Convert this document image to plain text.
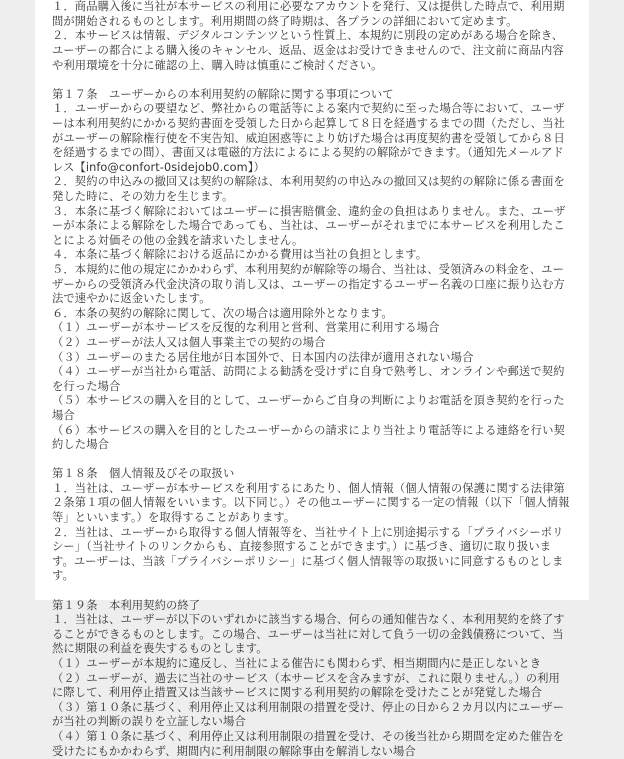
１．商品購入後に当社が本サービスの利用に必要なアカウントを発行、又は提供した時点で、利用期間が開始されるものとします。利用期間の終了時期は、各プランの詳細において定めます。

２．本サービスは情報、デジタルコンテンツという性質上、本規約に別段の定めがある場合を除き、ユーザーの都合による購入後のキャンセル、返品、返金はお受けできませんので、注文前に商品内容や利用環境を十分に確認の上、購入時は慎重にご検討ください。

第１７条　ユーザーからの本利用契約の解除に関する事項について

１．ユーザーからの要望など、弊社からの電話等による案内で契約に至った場合等において、ユーザーは本利用契約にかかる契約書面を受領した日から起算して８日を経過するまでの間（ただし、当社がユーザーの解除権行使を不実告知、威迫困惑等により妨げた場合は再度契約書を受領してから８日を経過するまでの間）、書面又は電磁的方法によるによる契約の解除ができます。（通知先メールアドレス【info@confort-0sidejob0.com】）

２．契約の申込みの撤回又は契約の解除は、本利用契約の申込みの撤回又は契約の解除に係る書面を発した時に、その効力を生じます。

３．本条に基づく解除においてはユーザーに損害賠償金、違約金の負担はありません。また、ユーザーが本条による解除をした場合であっても、当社は、ユーザーがそれまでに本サービスを利用したことによる対価その他の金銭を請求いたしません。

４．本条に基づく解除における返品にかかる費用は当社の負担とします。

５．本規約に他の規定にかかわらず、本利用契約が解除等の場合、当社は、受領済みの料金を、ユーザーからの受領済み代金決済の取り消し又は、ユーザーの指定するユーザー名義の口座に振り込む方法で速やかに返金いたします。

６．本条の契約の解除に関して、次の場合は適用除外となります。

（１）ユーザーが本サービスを反復的な利用と営利、営業用に利用する場合

（２）ユーザーが法人又は個人事業主での契約の場合

（３）ユーザーのまたる居住地が日本国外で、日本国内の法律が適用されない場合

（４）ユーザーが当社から電話、訪問による勧誘を受けずに自身で熟考し、オンラインや郵送で契約を行った場合

（５）本サービスの購入を目的として、ユーザーからご自身の判断によりお電話を頂き契約を行った場合

（６）本サービスの購入を目的としたユーザーからの請求により当社より電話等による連絡を行い契約した場合

第１８条　個人情報及びその取扱い

１．当社は、ユーザーが本サービスを利用するにあたり、個人情報（個人情報の保護に関する法律第２条第１項の個人情報をいいます。以下同じ。）その他ユーザーに関する一定の情報（以下「個人情報等」といいます。）を取得することがあります。

２．当社は、ユーザーから取得する個人情報等を、当社サイト上に別途掲示する「プライバシーポリシー」（当社サイトのリンクからも、直接参照することができます。）に基づき、適切に取り扱います。ユーザーは、当該「プライバシーポリシー」に基づく個人情報等の取扱いに同意するものとします。

第１９条　本利用契約の終了

１．当社は、ユーザーが以下のいずれかに該当する場合、何らの通知催告なく、本利用契約を終了することができるものとします。この場合、ユーザーは当社に対して負う一切の金銭債務について、当然に期限の利益を喪失するものとします。

（１）ユーザーが本規約に違反し、当社による催告にも関わらず、相当期間内に是正しないとき

（２）ユーザーが、過去に当社のサービス（本サービスを含みますが、これに限りません。）の利用に際して、利用停止措置又は当該サービスに関する利用契約の解除を受けたことが発覚した場合

（３）第１０条に基づく、利用停止又は利用制限の措置を受け、停止の日から２カ月以内にユーザーが当社の判断の誤りを立証しない場合

（４）第１０条に基づく、利用停止又は利用制限の措置を受け、その後当社から期間を定めた催告を受けたにもかかわらず、期間内に利用制限の解除事由を解消しない場合
